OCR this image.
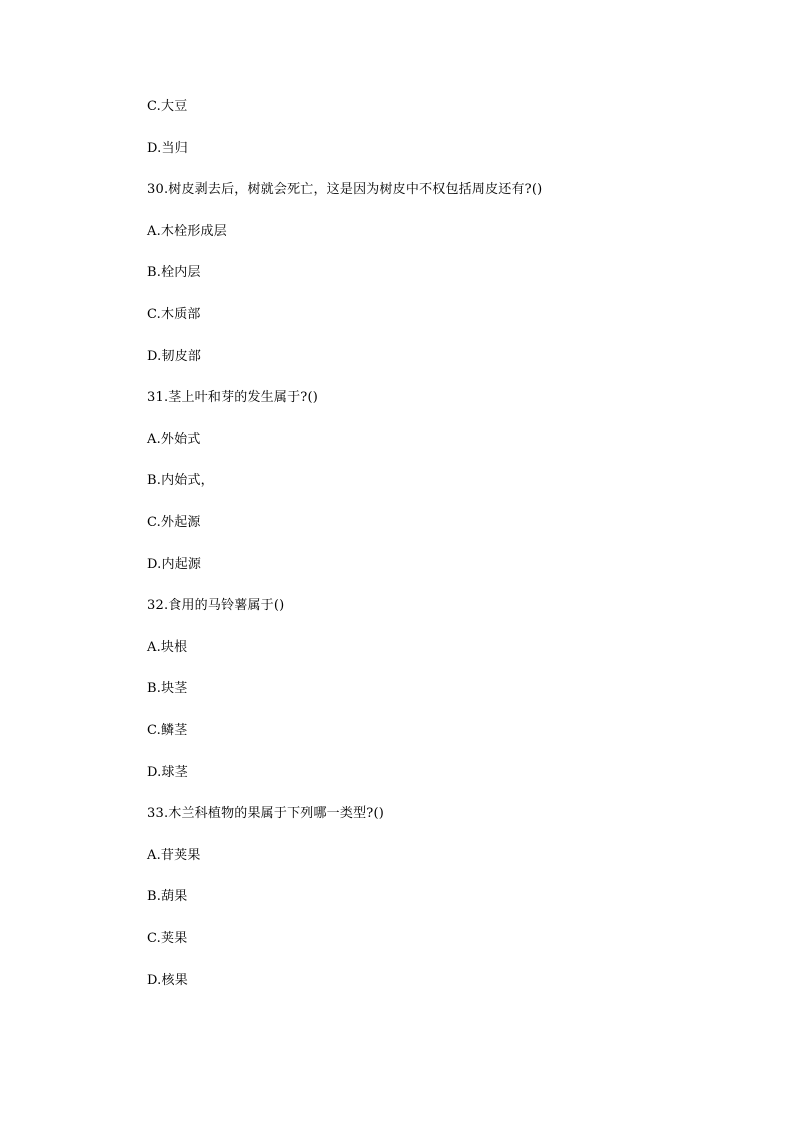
C.大豆
D.当归
30.树皮剥去后，树就会死亡，这是因为树皮中不权包括周皮还有?()
A.木栓形成层
B.栓内层
C.木质部
D.韧皮部
31.茎上叶和芽的发生属于?()
A.外始式
B.内始式，
C.外起源
D.内起源
32.食用的马铃薯属于()
A.块根
B.块茎
C.鳞茎
D.球茎
33.木兰科植物的果属于下列哪一类型?()
A.苷荚果
B.葫果
C.荚果
D.核果
